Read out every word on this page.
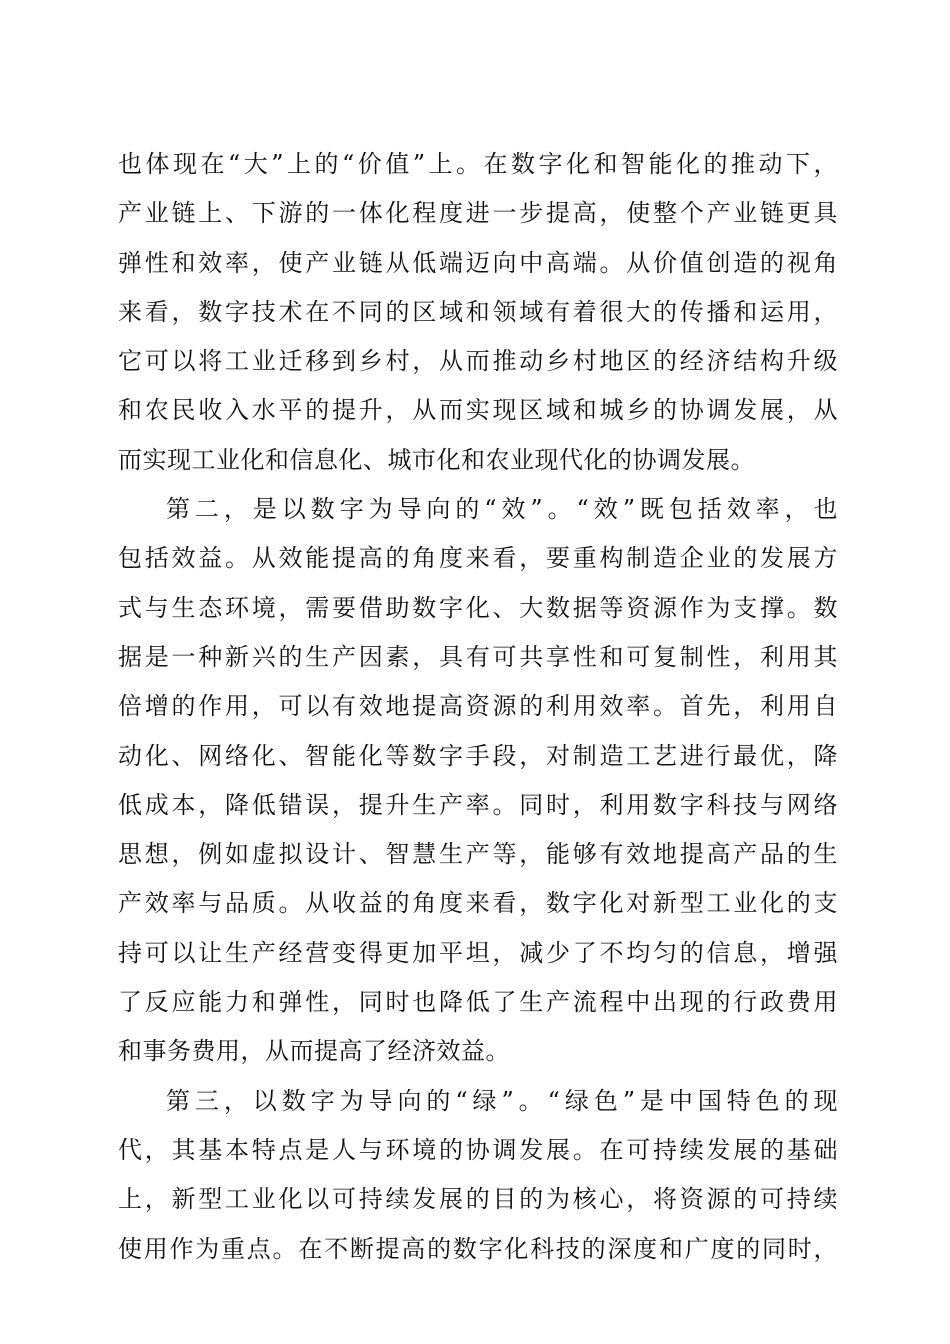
也体现在“大”上的“价值”上。在数字化和智能化的推动下，
产业链上、下游的一体化程度进一步提高，使整个产业链更具
弹性和效率，使产业链从低端迈向中高端。从价值创造的视角
来看，数字技术在不同的区域和领域有着很大的传播和运用，
它可以将工业迁移到乡村，从而推动乡村地区的经济结构升级
和农民收入水平的提升，从而实现区域和城乡的协调发展，从
而实现工业化和信息化、城市化和农业现代化的协调发展。
第二，是以数字为导向的“效”。“效”既包括效率，也
包括效益。从效能提高的角度来看，要重构制造企业的发展方
式与生态环境，需要借助数字化、大数据等资源作为支撑。数
据是一种新兴的生产因素，具有可共享性和可复制性，利用其
倍增的作用，可以有效地提高资源的利用效率。首先，利用自
动化、网络化、智能化等数字手段，对制造工艺进行最优，降
低成本，降低错误，提升生产率。同时，利用数字科技与网络
思想，例如虚拟设计、智慧生产等，能够有效地提高产品的生
产效率与品质。从收益的角度来看，数字化对新型工业化的支
持可以让生产经营变得更加平坦，减少了不均匀的信息，增强
了反应能力和弹性，同时也降低了生产流程中出现的行政费用
和事务费用，从而提高了经济效益。
第三，以数字为导向的“绿”。“绿色”是中国特色的现
代，其基本特点是人与环境的协调发展。在可持续发展的基础
上，新型工业化以可持续发展的目的为核心，将资源的可持续
使用作为重点。在不断提高的数字化科技的深度和广度的同时，
